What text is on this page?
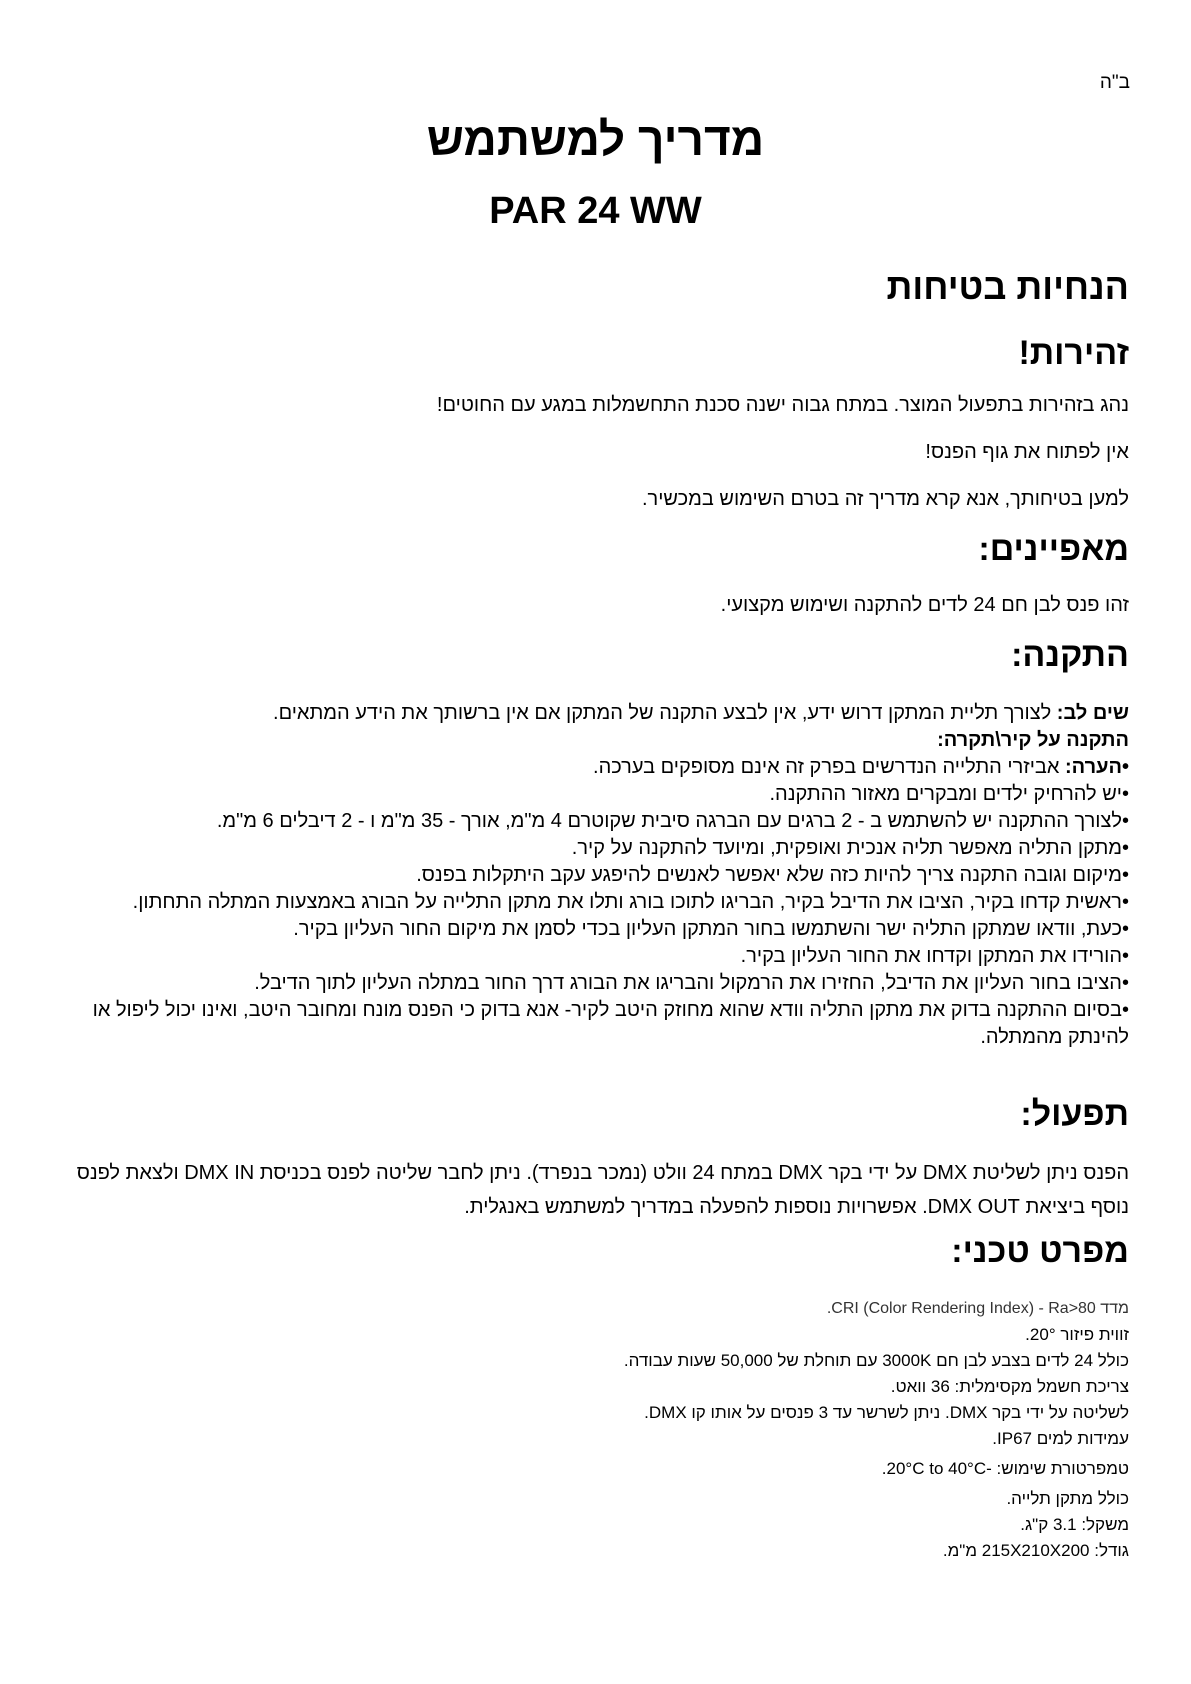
ב"ה
מדריך למשתמש
PAR 24 WW
הנחיות בטיחות
זהירות!

נהג בזהירות בתפעול המוצר. במתח גבוה ישנה סכנת התחשמלות במגע עם החוטים!

אין לפתוח את גוף הפנס!

למען בטיחותך, אנא קרא מדריך זה בטרם השימוש במכשיר.

מאפיינים:

זהו פנס לבן חם 24 לדים להתקנה ושימוש מקצועי.

התקנה:
שים לב: לצורך תליית המתקן דרוש ידע, אין לבצע התקנה של המתקן אם אין ברשותך את הידע המתאים.
התקנה על קיר\תקרה:
•הערה: אביזרי התלייה הנדרשים בפרק זה אינם מסופקים בערכה.
•יש להרחיק ילדים ומבקרים מאזור ההתקנה.
•לצורך ההתקנה יש להשתמש ב - 2 ברגים עם הברגה סיבית שקוטרם 4 מ"מ, אורך - 35 מ"מ ו - 2 דיבלים 6 מ"מ.
•מתקן התליה מאפשר תליה אנכית ואופקית, ומיועד להתקנה על קיר.
•מיקום וגובה התקנה צריך להיות כזה שלא יאפשר לאנשים להיפגע עקב היתקלות בפנס.
•ראשית קדחו בקיר, הציבו את הדיבל בקיר, הבריגו לתוכו בורג ותלו את מתקן התלייה על הבורג באמצעות המתלה התחתון.
•כעת, וודאו שמתקן התליה ישר והשתמשו בחור המתקן העליון בכדי לסמן את מיקום החור העליון בקיר.
•הורידו את המתקן וקדחו את החור העליון בקיר.
•הציבו בחור העליון את הדיבל, החזירו את הרמקול והבריגו את הבורג דרך החור במתלה העליון לתוך הדיבל.
•בסיום ההתקנה בדוק את מתקן התליה וודא שהוא מחוזק היטב לקיר- אנא בדוק כי הפנס מונח ומחובר היטב, ואינו יכול ליפול או להינתק מהמתלה.
תפעול:
הפנס ניתן לשליטת DMX על ידי בקר DMX במתח 24 וולט (נמכר בנפרד). ניתן לחבר שליטה לפנס בכניסת DMX IN ולצאת לפנס נוסף ביציאת DMX OUT. אפשרויות נוספות להפעלה במדריך למשתמש באנגלית.
מפרט טכני:
מדד CRI (Color Rendering Index) - Ra>80.
זווית פיזור 20°.
כולל 24 לדים בצבע לבן חם 3000K עם תוחלת של 50,000 שעות עבודה.
צריכת חשמל מקסימלית: 36 וואט.
לשליטה על ידי בקר DMX. ניתן לשרשר עד 3 פנסים על אותו קו DMX.
עמידות למים IP67.
טמפרטורת שימוש: -20°C to 40°C.
כולל מתקן תלייה.
משקל: 3.1 ק"ג.
גודל: 215X210X200 מ"מ.
